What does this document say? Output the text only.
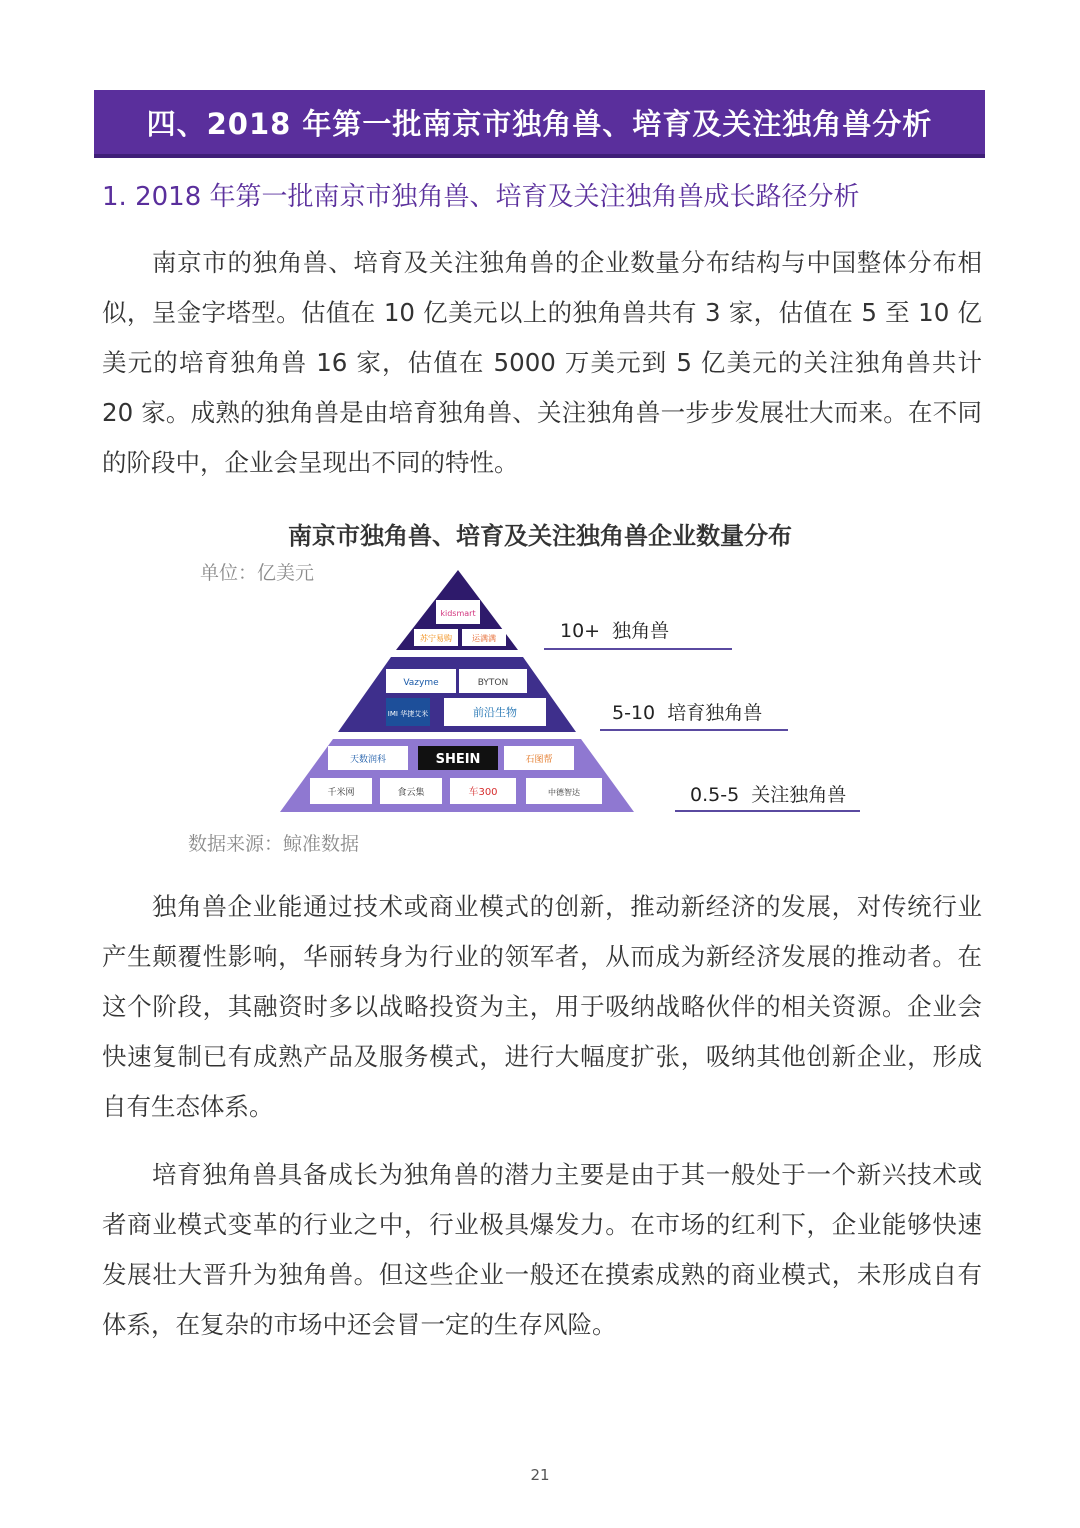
四、2018 年第一批南京市独角兽、培育及关注独角兽分析
1. 2018 年第一批南京市独角兽、培育及关注独角兽成长路径分析

南京市的独角兽、培育及关注独角兽的企业数量分布结构与中国整体分布相似，呈金字塔型。估值在 10 亿美元以上的独角兽共有 3 家，估值在 5 至 10 亿美元的培育独角兽 16 家，估值在 5000 万美元到 5 亿美元的关注独角兽共计 20 家。成熟的独角兽是由培育独角兽、关注独角兽一步步发展壮大而来。在不同的阶段中，企业会呈现出不同的特性。

南京市独角兽、培育及关注独角兽企业数量分布
单位：亿美元
kidsmart
苏宁易购	运满满
Vazyme	BYTON
IMI 华捷艾米	前沿生物
天数润科	SHEIN	石图帮
千米网	食云集	车300	中德智达
10+  独角兽
5-10  培育独角兽
0.5-5  关注独角兽
数据来源：鲸准数据

独角兽企业能通过技术或商业模式的创新，推动新经济的发展，对传统行业产生颠覆性影响，华丽转身为行业的领军者，从而成为新经济发展的推动者。在这个阶段，其融资时多以战略投资为主，用于吸纳战略伙伴的相关资源。企业会快速复制已有成熟产品及服务模式，进行大幅度扩张，吸纳其他创新企业，形成自有生态体系。

培育独角兽具备成长为独角兽的潜力主要是由于其一般处于一个新兴技术或者商业模式变革的行业之中，行业极具爆发力。在市场的红利下，企业能够快速发展壮大晋升为独角兽。但这些企业一般还在摸索成熟的商业模式，未形成自有体系，在复杂的市场中还会冒一定的生存风险。

21
